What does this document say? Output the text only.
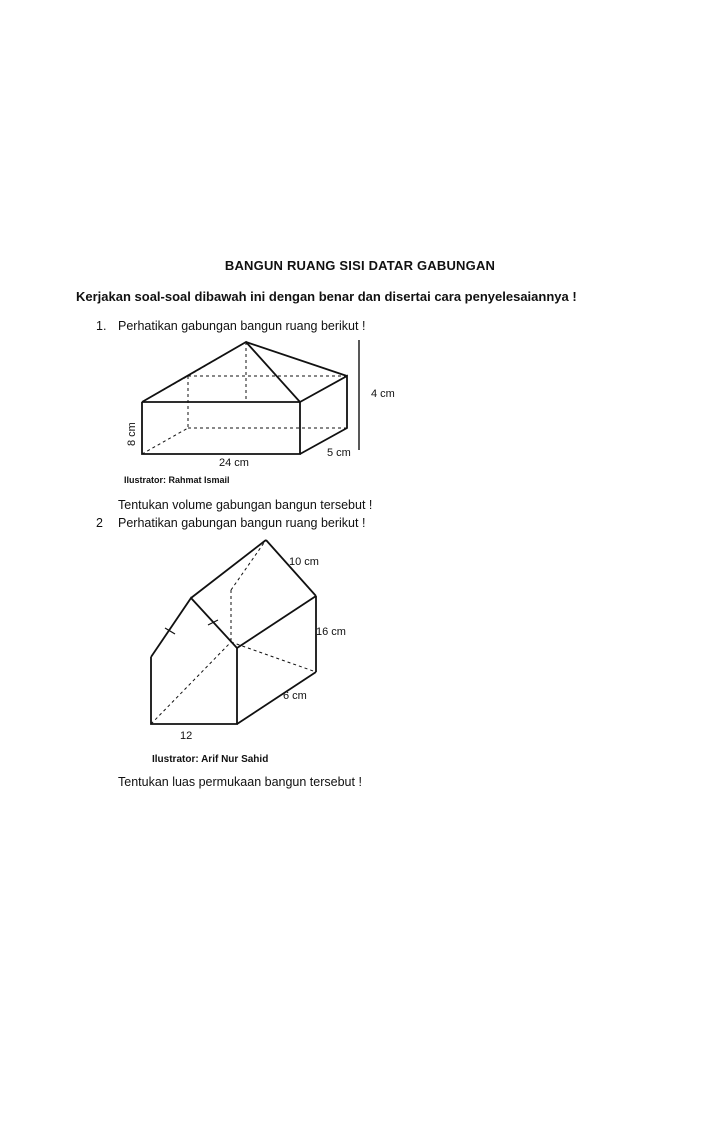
BANGUN RUANG SISI DATAR GABUNGAN
Kerjakan soal-soal dibawah ini dengan benar dan disertai cara penyelesaiannya !
1. Perhatikan gabungan bangun ruang berikut !
4 cm
5 cm
24 cm
8 cm
Ilustrator: Rahmat Ismail
Tentukan volume gabungan bangun tersebut !
2 Perhatikan gabungan bangun ruang berikut !
10 cm
16 cm
6 cm
12
Ilustrator: Arif Nur Sahid
Tentukan luas permukaan bangun tersebut !
